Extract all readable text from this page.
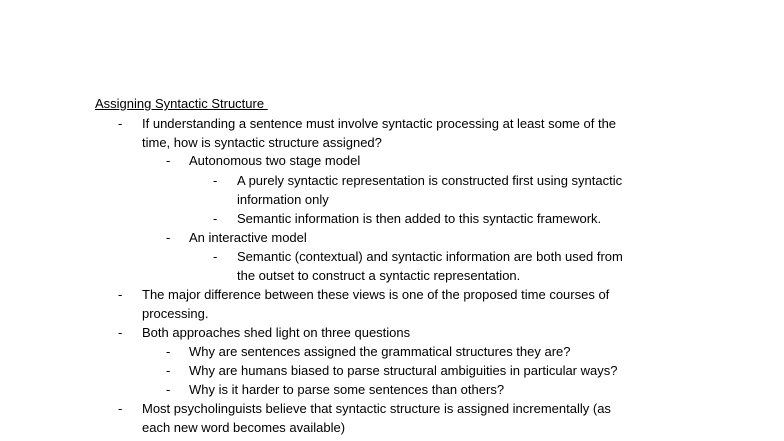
Assigning Syntactic Structure
- If understanding a sentence must involve syntactic processing at least some of the
time, how is syntactic structure assigned?
- Autonomous two stage model
- A purely syntactic representation is constructed first using syntactic
information only
- Semantic information is then added to this syntactic framework.
- An interactive model
- Semantic (contextual) and syntactic information are both used from
the outset to construct a syntactic representation.
- The major difference between these views is one of the proposed time courses of
processing.
- Both approaches shed light on three questions
- Why are sentences assigned the grammatical structures they are?
- Why are humans biased to parse structural ambiguities in particular ways?
- Why is it harder to parse some sentences than others?
- Most psycholinguists believe that syntactic structure is assigned incrementally (as
each new word becomes available)
